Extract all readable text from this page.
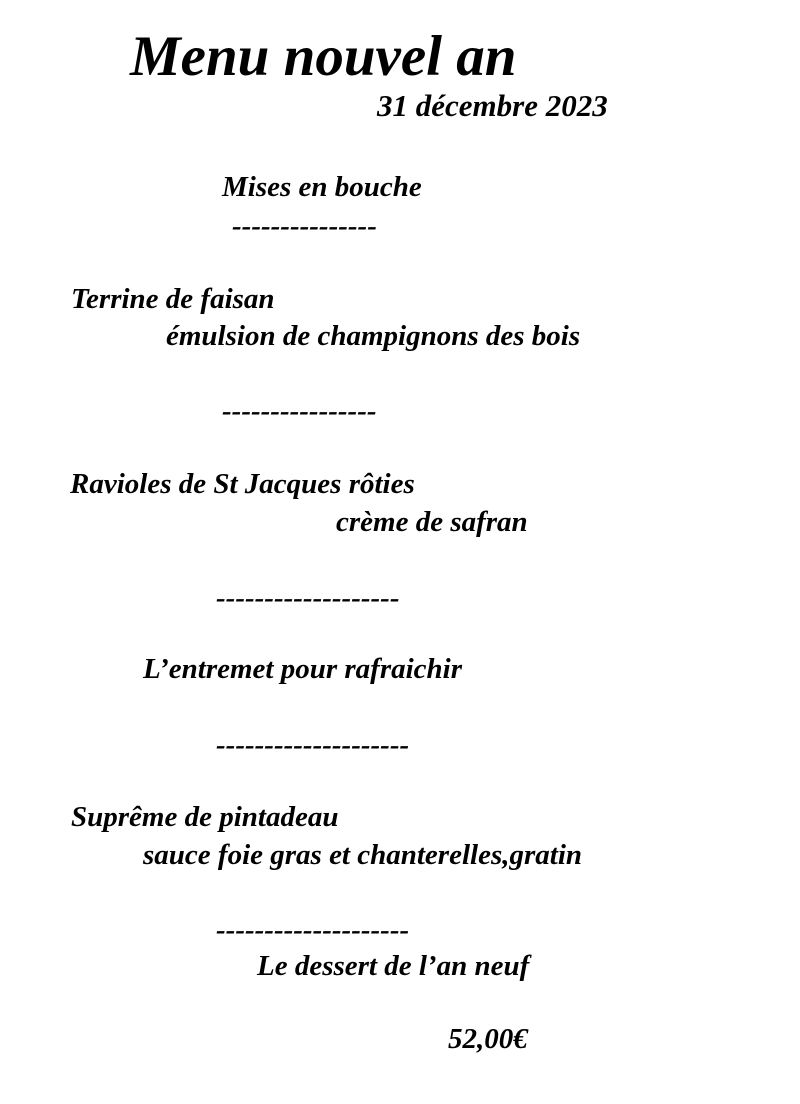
Menu nouvel an
31 décembre 2023
Mises en bouche
---------------
Terrine de faisan
émulsion de champignons des bois
----------------
Ravioles de St Jacques rôties
crème de safran
-------------------
L’entremet pour rafraichir
--------------------
Suprême de pintadeau
sauce foie gras et chanterelles,gratin
--------------------
Le dessert de l’an neuf
52,00€
